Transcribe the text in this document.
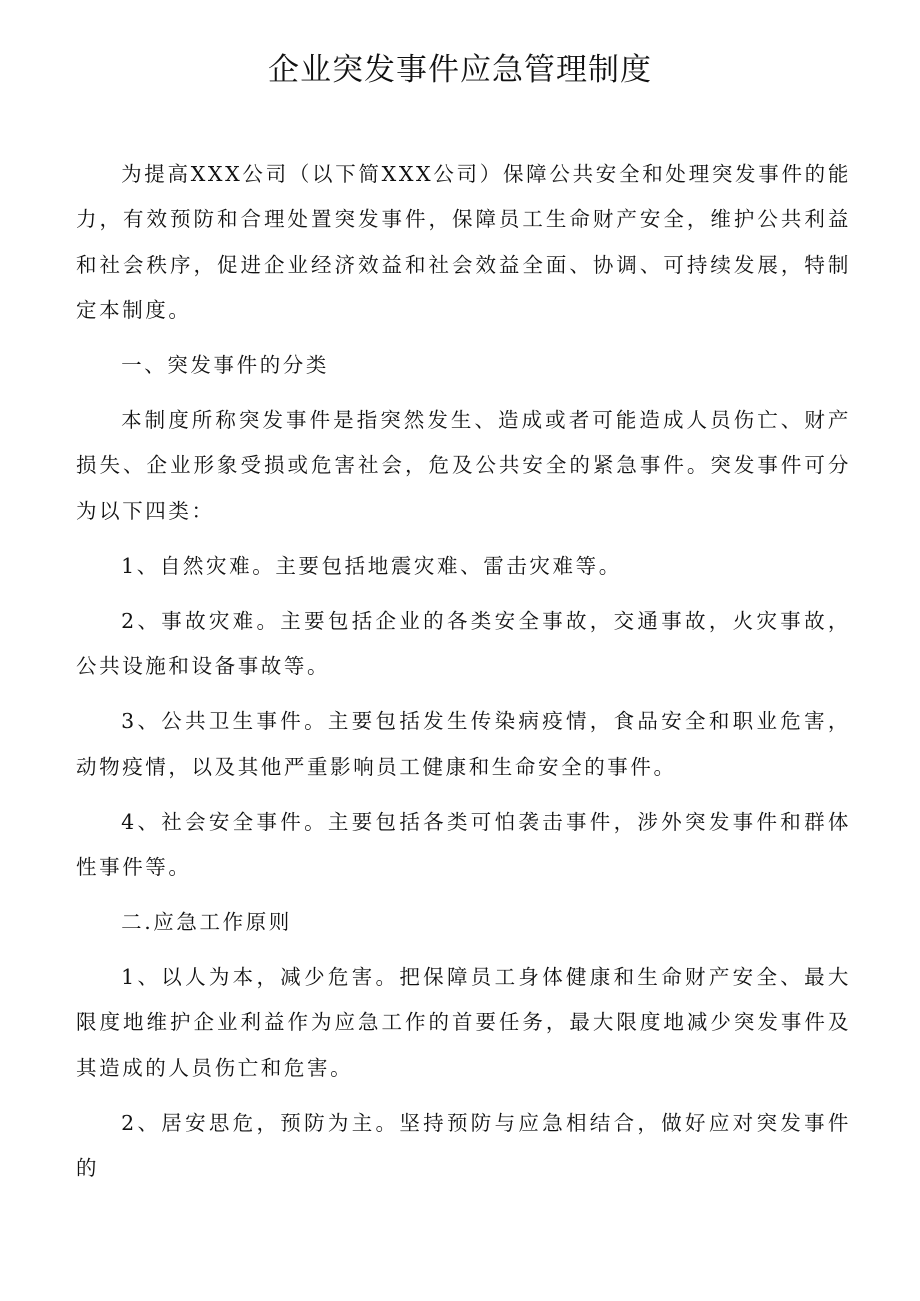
企业突发事件应急管理制度

为提高XXX公司（以下简XXX公司）保障公共安全和处理突发事件的能力，有效预防和合理处置突发事件，保障员工生命财产安全，维护公共利益和社会秩序，促进企业经济效益和社会效益全面、协调、可持续发展，特制定本制度。

一、突发事件的分类

本制度所称突发事件是指突然发生、造成或者可能造成人员伤亡、财产损失、企业形象受损或危害社会，危及公共安全的紧急事件。突发事件可分为以下四类：

1、自然灾难。主要包括地震灾难、雷击灾难等。

2、事故灾难。主要包括企业的各类安全事故，交通事故，火灾事故，公共设施和设备事故等。

3、公共卫生事件。主要包括发生传染病疫情，食品安全和职业危害，动物疫情，以及其他严重影响员工健康和生命安全的事件。

4、社会安全事件。主要包括各类可怕袭击事件，涉外突发事件和群体性事件等。

二.应急工作原则

1、以人为本，减少危害。把保障员工身体健康和生命财产安全、最大限度地维护企业利益作为应急工作的首要任务，最大限度地减少突发事件及其造成的人员伤亡和危害。

2、居安思危，预防为主。坚持预防与应急相结合，做好应对突发事件的
